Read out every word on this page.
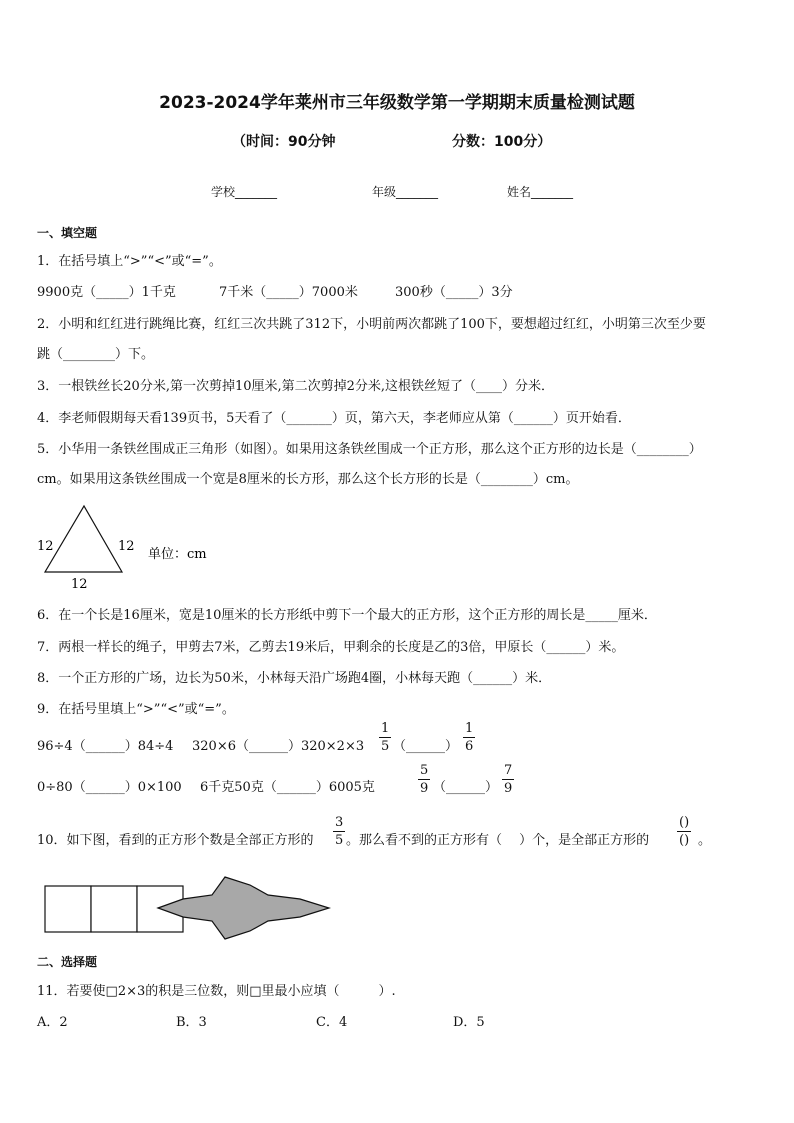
2023-2024学年莱州市三年级数学第一学期期末质量检测试题
（时间：90分钟	分数：100分）
学校_______	年级_______	姓名_______
一、填空题
1．在括号填上“>”“<”或“=”。
9900克（_____）1千克	7千米（_____）7000米	300秒（_____）3分
2．小明和红红进行跳绳比赛，红红三次共跳了312下，小明前两次都跳了100下，要想超过红红，小明第三次至少要
跳（________）下。
3．一根铁丝长20分米,第一次剪掉10厘米,第二次剪掉2分米,这根铁丝短了（____）分米．
4．李老师假期每天看139页书，5天看了（_______）页，第六天，李老师应从第（______）页开始看．
5．小华用一条铁丝围成正三角形（如图）。如果用这条铁丝围成一个正方形，那么这个正方形的边长是（________）
cm。如果用这条铁丝围成一个宽是8厘米的长方形，那么这个长方形的长是（________）cm。
12	12
12
单位：cm
6．在一个长是16厘米，宽是10厘米的长方形纸中剪下一个最大的正方形，这个正方形的周长是_____厘米．
7．两根一样长的绳子，甲剪去7米，乙剪去19米后，甲剩余的长度是乙的3倍，甲原长（______）米。
8．一个正方形的广场，边长为50米，小林每天沿广场跑4圈，小林每天跑（______）米．
9．在括号里填上“>”“<”或“=”。
96÷4（______）84÷4 320×6（______）320×2×3 $\frac{1}{5}$ （______） $\frac{1}{6}$
0÷80（______）0×100 6千克50克（______）6005克	$\frac{5}{9}$ （______） $\frac{7}{9}$
10．如下图，看到的正方形个数是全部正方形的 $\frac{3}{5}$ 。那么看不到的正方形有（　 ）个，是全部正方形的
()
() 。
二、选择题
11．若要使□2×3的积是三位数，则□里最小应填（　　　）.
A．2	B．3	C．4	D．5
